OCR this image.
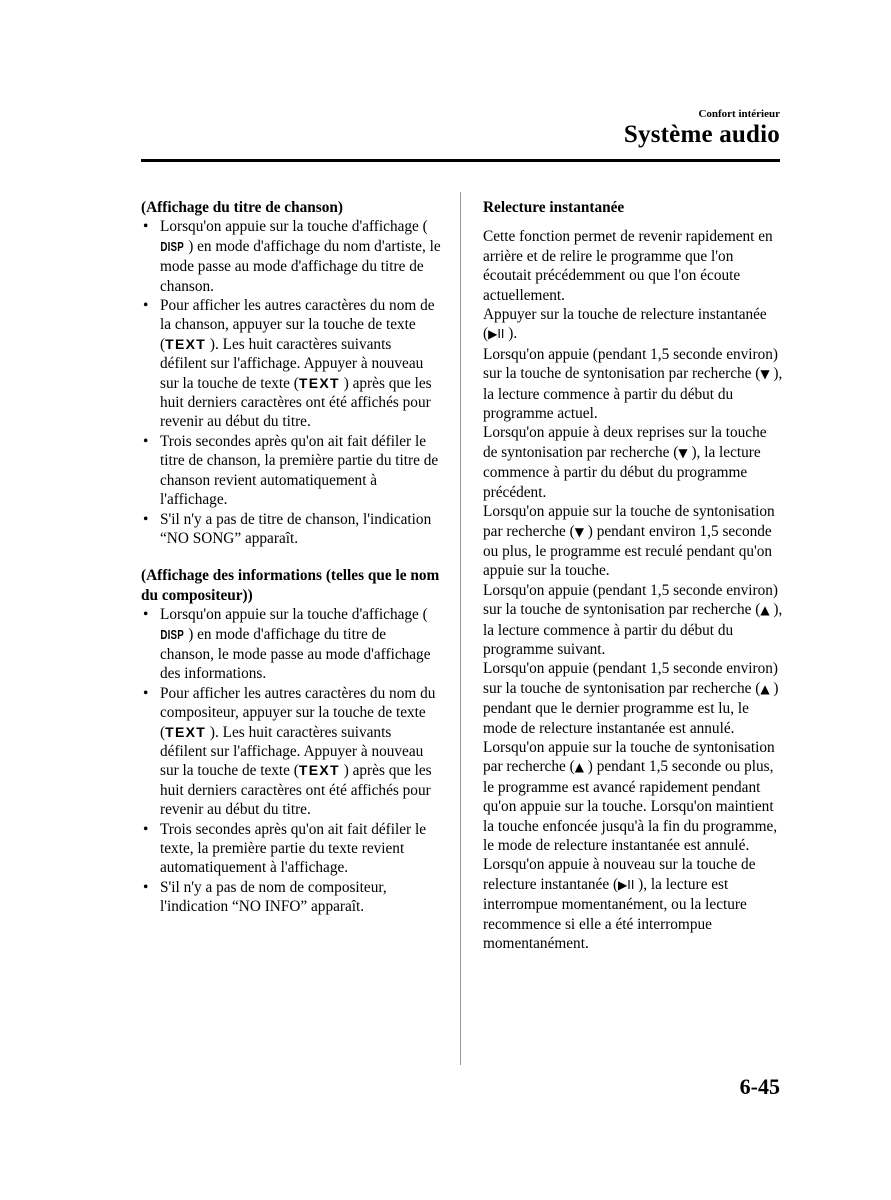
Confort intérieur
Système audio

(Affichage du titre de chanson)

• Lorsqu'on appuie sur la touche d'affichage (DISP ) en mode d'affichage du nom d'artiste, le mode passe au mode d'affichage du titre de chanson.
• Pour afficher les autres caractères du nom de la chanson, appuyer sur la touche de texte (TEXT ). Les huit caractères suivants défilent sur l'affichage. Appuyer à nouveau sur la touche de texte (TEXT ) après que les huit derniers caractères ont été affichés pour revenir au début du titre.
• Trois secondes après qu'on ait fait défiler le titre de chanson, la première partie du titre de chanson revient automatiquement à l'affichage.
• S'il n'y a pas de titre de chanson, l'indication “NO SONG” apparaît.

(Affichage des informations (telles que le nom du compositeur))

• Lorsqu'on appuie sur la touche d'affichage (DISP ) en mode d'affichage du titre de chanson, le mode passe au mode d'affichage des informations.
• Pour afficher les autres caractères du nom du compositeur, appuyer sur la touche de texte (TEXT ). Les huit caractères suivants défilent sur l'affichage. Appuyer à nouveau sur la touche de texte (TEXT ) après que les huit derniers caractères ont été affichés pour revenir au début du titre.
• Trois secondes après qu'on ait fait défiler le texte, la première partie du texte revient automatiquement à l'affichage.
• S'il n'y a pas de nom de compositeur, l'indication “NO INFO” apparaît.

Relecture instantanée

Cette fonction permet de revenir rapidement en arrière et de relire le programme que l'on écoutait précédemment ou que l'on écoute actuellement.

Appuyer sur la touche de relecture instantanée (▶II ).

Lorsqu'on appuie (pendant 1,5 seconde environ) sur la touche de syntonisation par recherche (▼ ), la lecture commence à partir du début du programme actuel.

Lorsqu'on appuie à deux reprises sur la touche de syntonisation par recherche (▼ ), la lecture commence à partir du début du programme précédent.

Lorsqu'on appuie sur la touche de syntonisation par recherche (▼ ) pendant environ 1,5 seconde ou plus, le programme est reculé pendant qu'on appuie sur la touche.

Lorsqu'on appuie (pendant 1,5 seconde environ) sur la touche de syntonisation par recherche (▲ ), la lecture commence à partir du début du programme suivant.

Lorsqu'on appuie (pendant 1,5 seconde environ) sur la touche de syntonisation par recherche (▲ ) pendant que le dernier programme est lu, le mode de relecture instantanée est annulé.

Lorsqu'on appuie sur la touche de syntonisation par recherche (▲ ) pendant 1,5 seconde ou plus, le programme est avancé rapidement pendant qu'on appuie sur la touche. Lorsqu'on maintient la touche enfoncée jusqu'à la fin du programme, le mode de relecture instantanée est annulé.

Lorsqu'on appuie à nouveau sur la touche de relecture instantanée (▶II ), la lecture est interrompue momentanément, ou la lecture recommence si elle a été interrompue momentanément.

6-45
